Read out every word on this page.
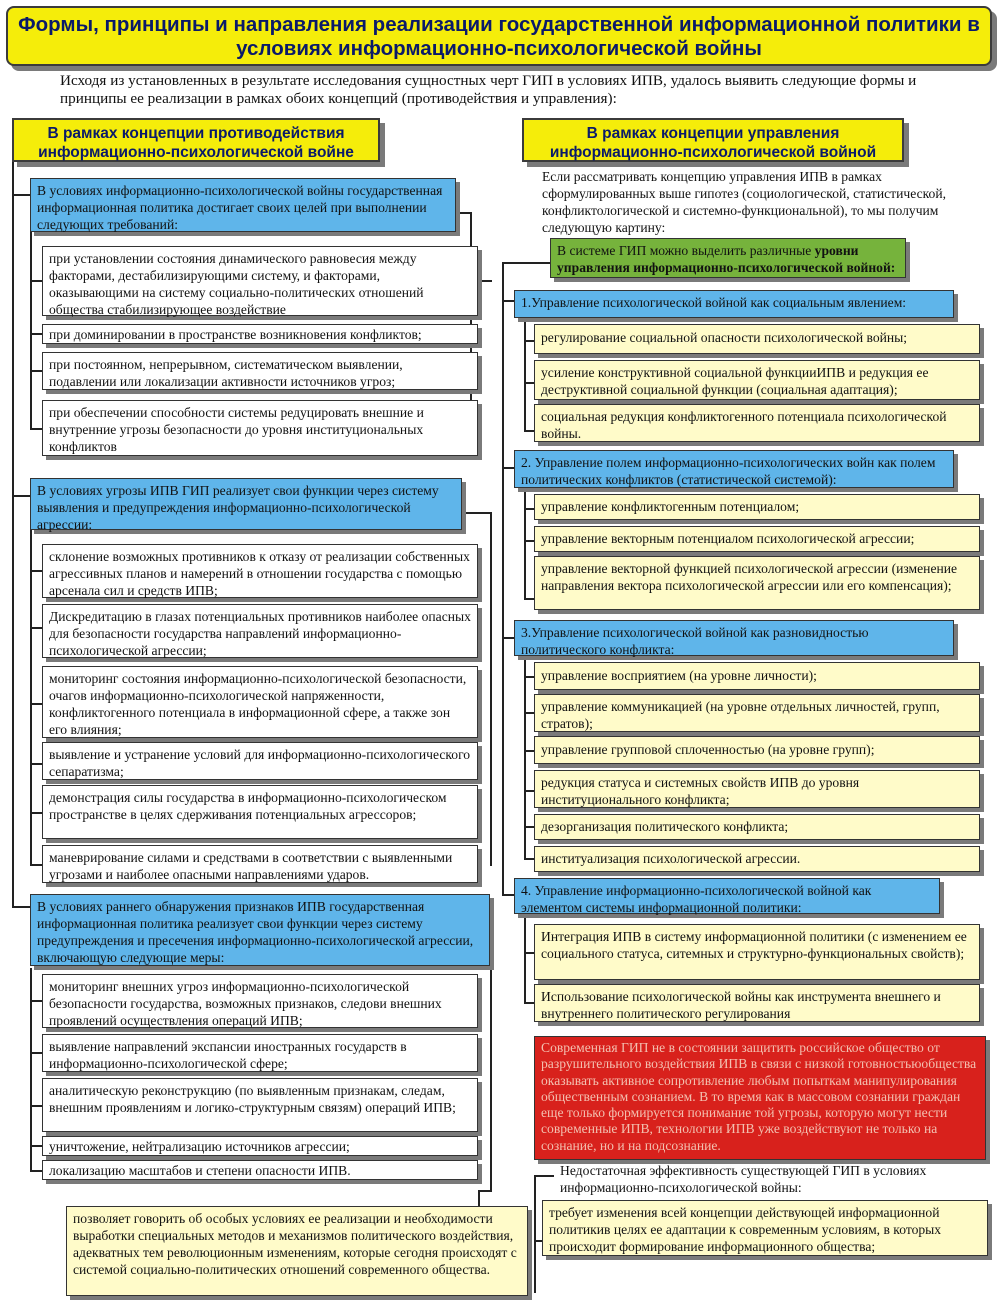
Формы, принципы и направления реализации государственной информационной политики в условиях информационно-психологической войны
Исходя из установленных в результате исследования сущностных черт ГИП в условиях ИПВ, удалось выявить следующие формы и принципы ее реализации в рамках обоих концепций (противодействия и управления):
В рамках концепции противодействия информационно-психологической войне
В условиях информационно-психологической войны государственная информационная политика достигает своих целей при выполнении следующих требований:
при установлении состояния динамического равновесия между факторами, дестабилизирующими систему, и факторами, оказывающими на систему социально-политических отношений общества стабилизирующее воздействие
при доминировании в пространстве возникновения конфликтов;
при постоянном, непрерывном, систематическом выявлении, подавлении или локализации активности источников угроз;
при обеспечении способности системы редуцировать внешние и внутренние угрозы безопасности до уровня институциональных конфликтов
В условиях угрозы ИПВ ГИП реализует свои функции через систему выявления и предупреждения информационно-психологической агрессии:
склонение возможных противников к отказу от реализации собственных агрессивных планов и намерений в отношении государства с помощью арсенала сил и средств ИПВ;
Дискредитацию в глазах потенциальных противников наиболее опасных для безопасности государства направлений информационно-психологической агрессии;
мониторинг состояния информационно-психологической безопасности, очагов информационно-психологической напряженности, конфликтогенного потенциала в информационной сфере, а также зон его влияния;
выявление и устранение условий для информационно-психологического сепаратизма;
демонстрация силы государства в информационно-психологическом пространстве в целях сдерживания потенциальных агрессоров;
маневрирование силами и средствами в соответствии с выявленными угрозами и наиболее опасными направлениями ударов.
В условиях раннего обнаружения признаков ИПВ государственная информационная политика реализует свои функции через систему предупреждения и пресечения информационно-психологической агрессии, включающую следующие меры:
мониторинг внешних угроз информационно-психологической безопасности государства, возможных признаков, следови внешних проявлений осуществления операций ИПВ;
выявление направлений экспансии иностранных государств в информационно-психологической сфере;
аналитическую реконструкцию (по выявленным признакам, следам, внешним проявлениям и логико-структурным связям) операций ИПВ;
уничтожение, нейтрализацию источников агрессии;
локализацию масштабов и степени опасности ИПВ.
позволяет говорить об особых условиях ее реализации и необходимости выработки специальных методов и механизмов политического воздействия, адекватных тем революционным изменениям, которые сегодня происходят с системой социально-политических отношений современного общества.
В рамках концепции управления информационно-психологической войной
Если рассматривать концепцию управления ИПВ в рамках сформулированных выше гипотез (социологической, статистической, конфликтологической и системно-функциональной), то мы получим следующую картину:
В системе ГИП можно выделить различные уровни управления информационно-психологической войной:
1.Управление психологической войной как социальным явлением:
регулирование социальной опасности психологической войны;
усиление конструктивной социальной функцииИПВ и редукция ее деструктивной социальной функции (социальная адаптация);
социальная редукция конфликтогенного потенциала психологической войны.
2. Управление полем информационно-психологических войн как полем политических конфликтов (статистической системой):
управление конфликтогенным потенциалом;
управление векторным потенциалом психологической агрессии;
управление векторной функцией психологической агрессии (изменение направления вектора психологической агрессии или его компенсация);
3.Управление психологической войной как разновидностью политического конфликта:
управление восприятием (на уровне личности);
управление коммуникацией (на уровне отдельных личностей, групп, стратов);
управление групповой сплоченностью (на уровне групп);
редукция статуса и системных свойств ИПВ до уровня институционального конфликта;
дезорганизация политического конфликта;
институализация психологической агрессии.
4. Управление информационно-психологической войной как элементом системы информационной политики:
Интеграция ИПВ в систему информационной политики (с изменением ее социального статуса, ситемных и структурно-функциональных свойств);
Использование психологической войны как инструмента внешнего и внутреннего политического регулирования
Современная ГИП не в состоянии защитить российское общество от разрушительного воздействия ИПВ в связи с низкой готовностьюобщества оказывать активное сопротивление любым попыткам манипулирования общественным сознанием. В то время как в массовом сознании граждан еще только формируется понимание той угрозы, которую могут нести современные ИПВ, технологии ИПВ уже воздействуют не только на сознание, но и на подсознание.
Недостаточная эффективность существующей ГИП в условиях информационно-психологической войны:
требует изменения всей концепции действующей информационной политикив целях ее адаптации к современным условиям, в которых происходит формирование информационного общества;
